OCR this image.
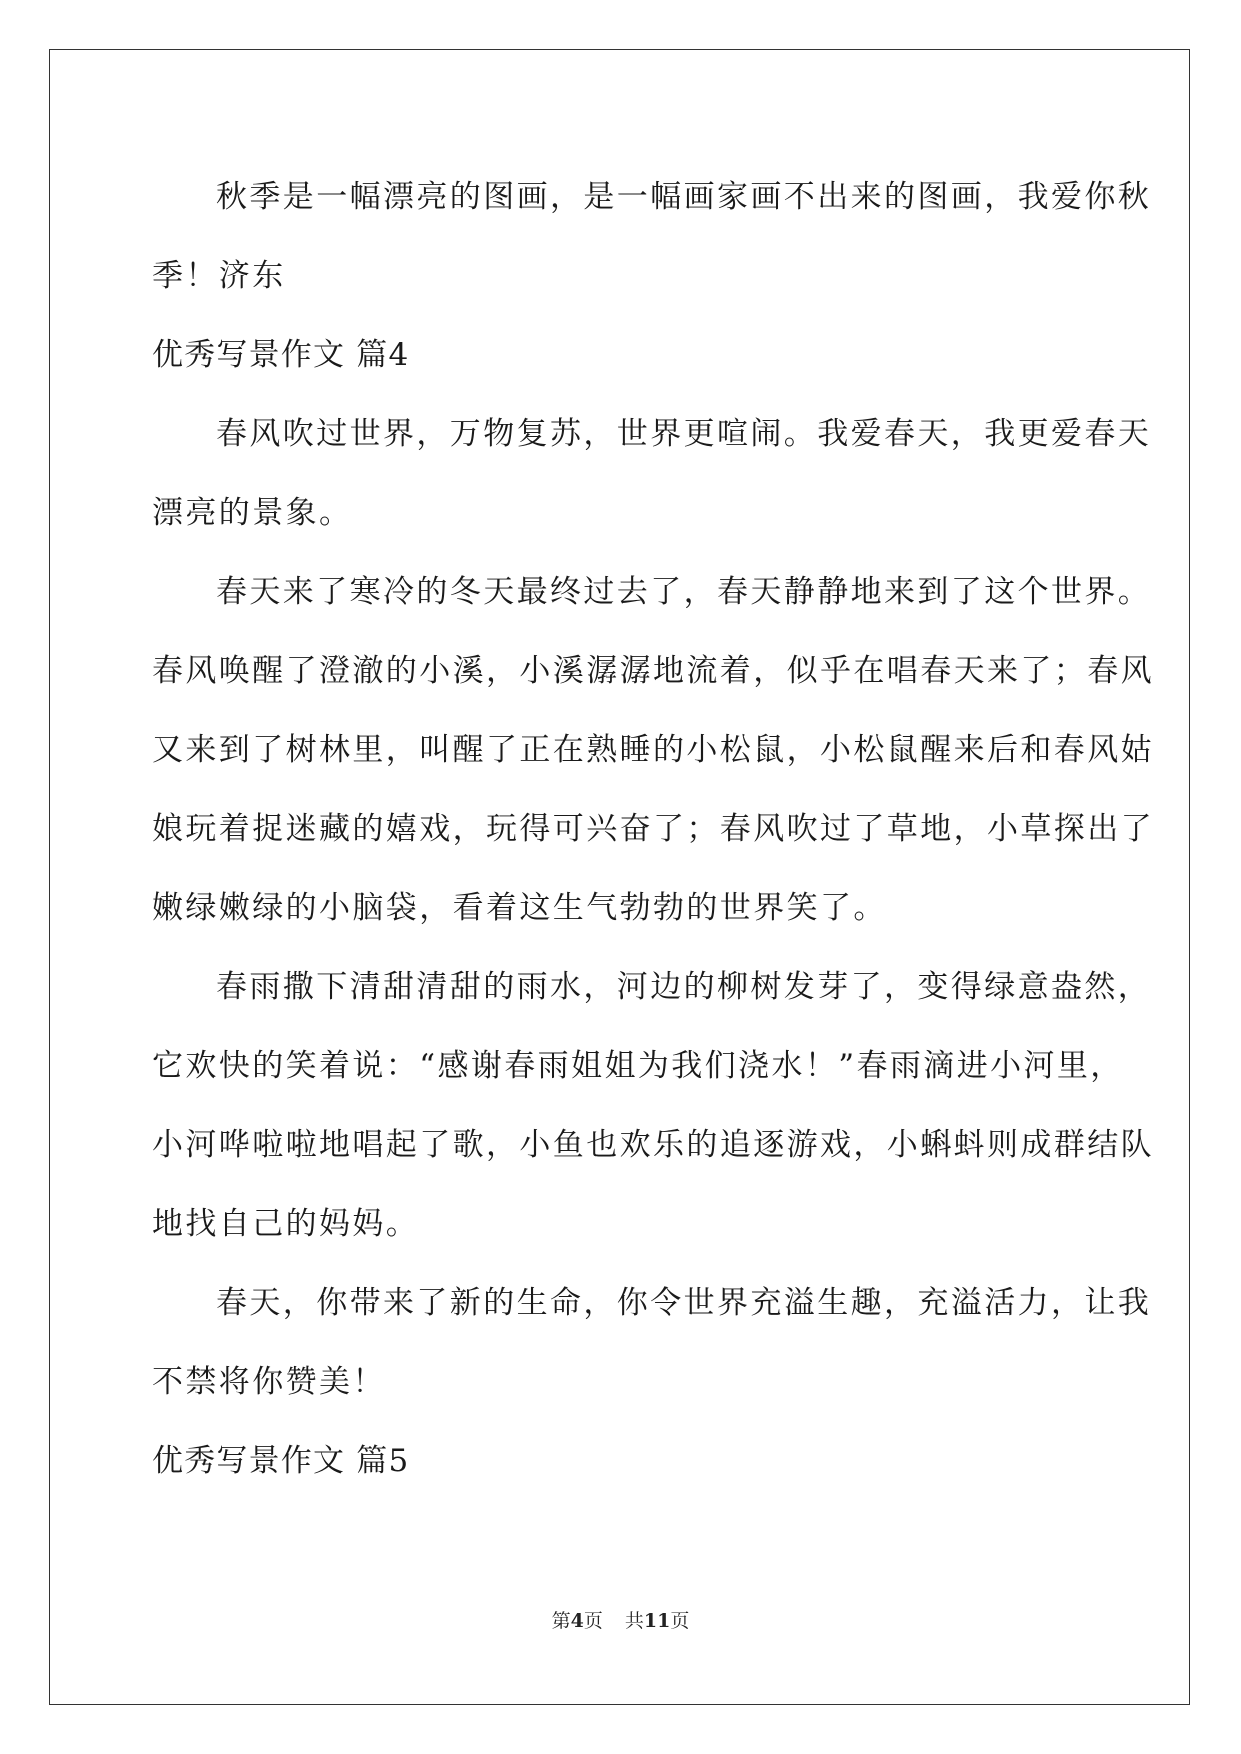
秋季是一幅漂亮的图画，是一幅画家画不出来的图画，我爱你秋
季！济东
优秀写景作文 篇4
春风吹过世界，万物复苏，世界更喧闹。我爱春天，我更爱春天
漂亮的景象。
春天来了寒冷的冬天最终过去了，春天静静地来到了这个世界。
春风唤醒了澄澈的小溪，小溪潺潺地流着，似乎在唱春天来了；春风
又来到了树林里，叫醒了正在熟睡的小松鼠，小松鼠醒来后和春风姑
娘玩着捉迷藏的嬉戏，玩得可兴奋了；春风吹过了草地，小草探出了
嫩绿嫩绿的小脑袋，看着这生气勃勃的世界笑了。
春雨撒下清甜清甜的雨水，河边的柳树发芽了，变得绿意盎然，
它欢快的笑着说：“感谢春雨姐姐为我们浇水！”春雨滴进小河里，
小河哗啦啦地唱起了歌，小鱼也欢乐的追逐游戏，小蝌蚪则成群结队
地找自己的妈妈。
春天，你带来了新的生命，你令世界充溢生趣，充溢活力，让我
不禁将你赞美！
优秀写景作文 篇5
第4页 共11页
